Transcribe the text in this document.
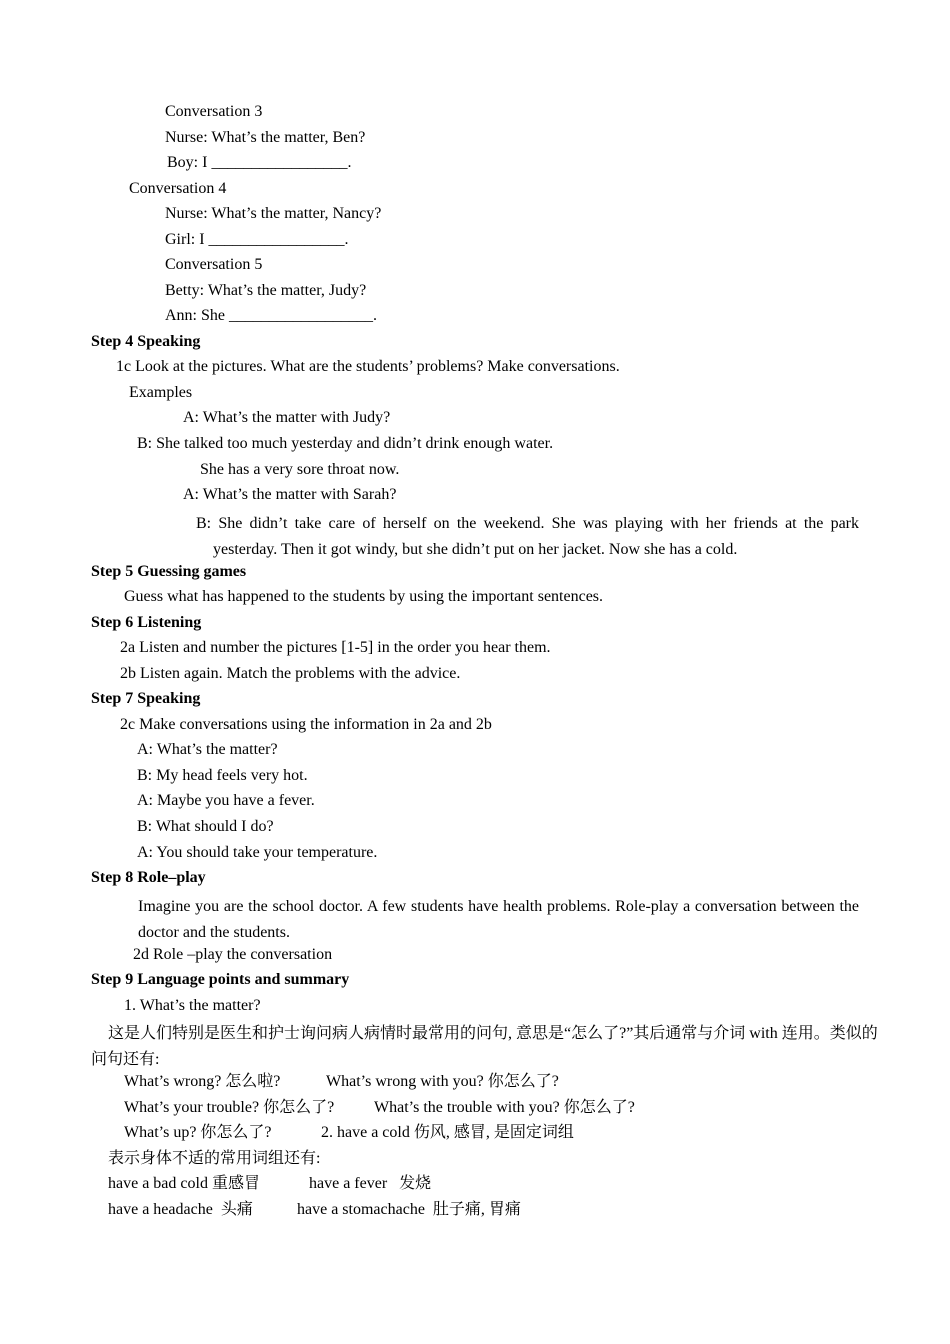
Conversation 3
Nurse: What’s the matter, Ben?
Boy: I _________________.
Conversation 4
Nurse: What’s the matter, Nancy?
Girl: I _________________.
Conversation 5
Betty: What’s the matter, Judy?
Ann: She __________________.
Step 4 Speaking
1c Look at the pictures. What are the students’ problems? Make conversations.
Examples
A: What’s the matter with Judy?
B: She talked too much yesterday and didn’t drink enough water.
She has a very sore throat now.
A: What’s the matter with Sarah?
B: She didn’t take care of herself on the weekend. She was playing with her friends at the park yesterday. Then it got windy, but she didn’t put on her jacket. Now she has a cold.
Step 5 Guessing games
Guess what has happened to the students by using the important sentences.
Step 6 Listening
2a Listen and number the pictures [1-5] in the order you hear them.
2b Listen again. Match the problems with the advice.
Step 7 Speaking
2c Make conversations using the information in 2a and 2b
A: What’s the matter?
B: My head feels very hot.
A: Maybe you have a fever.
B: What should I do?
A: You should take your temperature.
Step 8 Role–play
Imagine you are the school doctor. A few students have health problems. Role-play a conversation between the doctor and the students.
2d Role –play the conversation
Step 9 Language points and summary
1. What’s the matter?
这是人们特别是医生和护士询问病人病情时最常用的问句, 意思是“怎么了?”其后通常与介词 with 连用。类似的问句还有:
What’s wrong? 怎么啦?	What’s wrong with you? 你怎么了?
What’s your trouble? 你怎么了? What’s the trouble with you? 你怎么了?
What’s up? 你怎么了?	2. have a cold 伤风, 感冒, 是固定词组
表示身体不适的常用词组还有:
have a bad cold 重感冒	have a fever   发烧
have a headache  头痛	have a stomachache  肚子痛, 胃痛
